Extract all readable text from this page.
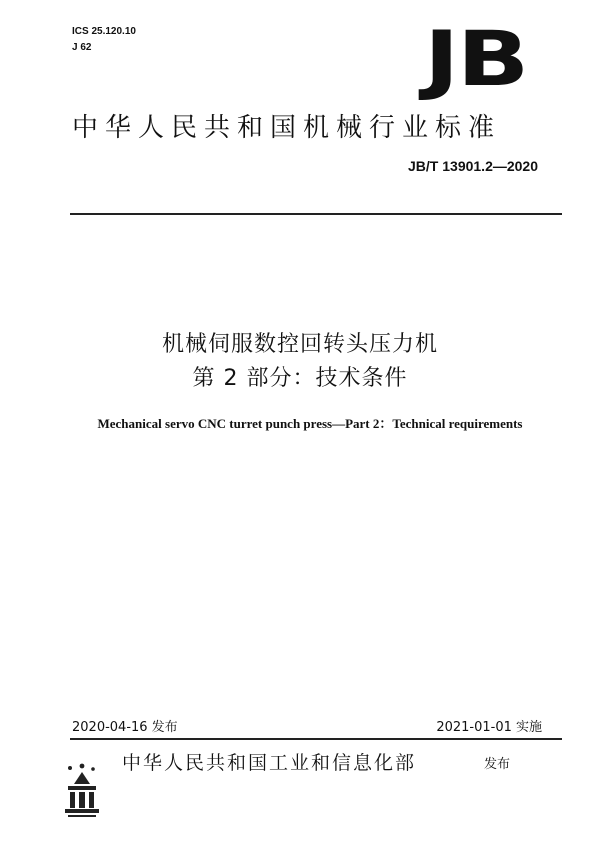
ICS 25.120.10
J 62	JB
中华人民共和国机械行业标准
JB/T 13901.2—2020
机械伺服数控回转头压力机
第 2 部分：技术条件
Mechanical servo CNC turret punch press—Part 2：Technical requirements
2020-04-16 发布	2021-01-01 实施
中华人民共和国工业和信息化部	发布
